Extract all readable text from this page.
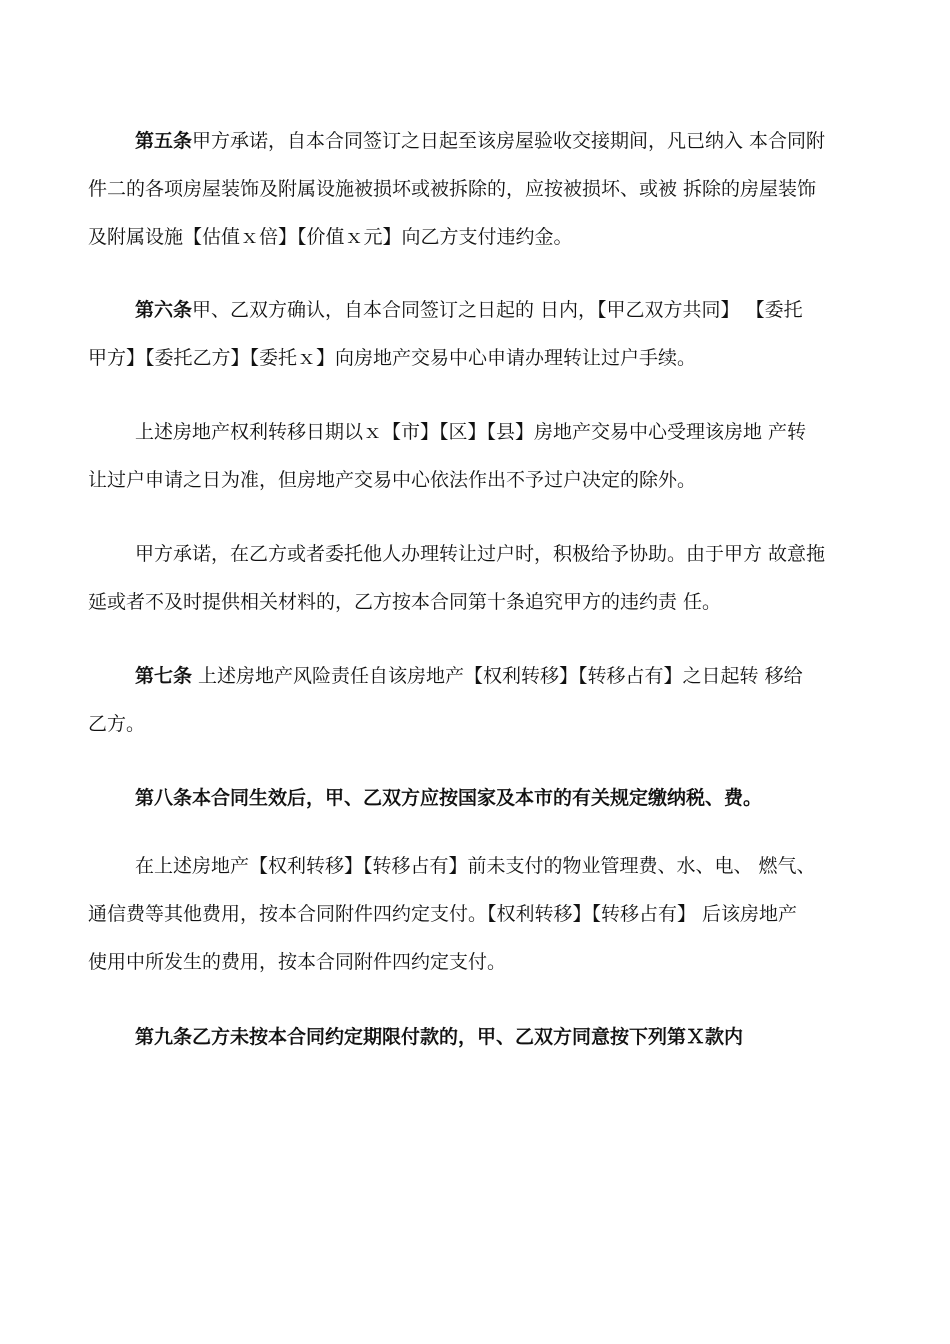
第五条甲方承诺，自本合同签订之日起至该房屋验收交接期间，凡已纳入 本合同附
件二的各项房屋装饰及附属设施被损坏或被拆除的，应按被损坏、或被 拆除的房屋装饰
及附属设施【估值ｘ倍】【价值ｘ元】向乙方支付违约金。
第六条甲、乙双方确认，自本合同签订之日起的 日内，【甲乙双方共同】 【委托
甲方】【委托乙方】【委托ｘ】向房地产交易中心申请办理转让过户手续。
上述房地产权利转移日期以ｘ【市】【区】【县】房地产交易中心受理该房地 产转
让过户申请之日为准，但房地产交易中心依法作出不予过户决定的除外。
甲方承诺，在乙方或者委托他人办理转让过户时，积极给予协助。由于甲方 故意拖
延或者不及时提供相关材料的，乙方按本合同第十条追究甲方的违约责 任。
第七条 上述房地产风险责任自该房地产【权利转移】【转移占有】之日起转 移给
乙方。
第八条本合同生效后，甲、乙双方应按国家及本市的有关规定缴纳税、费。
在上述房地产【权利转移】【转移占有】前未支付的物业管理费、水、电、 燃气、
通信费等其他费用，按本合同附件四约定支付。【权利转移】【转移占有】 后该房地产
使用中所发生的费用，按本合同附件四约定支付。
第九条乙方未按本合同约定期限付款的，甲、乙双方同意按下列第Ｘ款内
